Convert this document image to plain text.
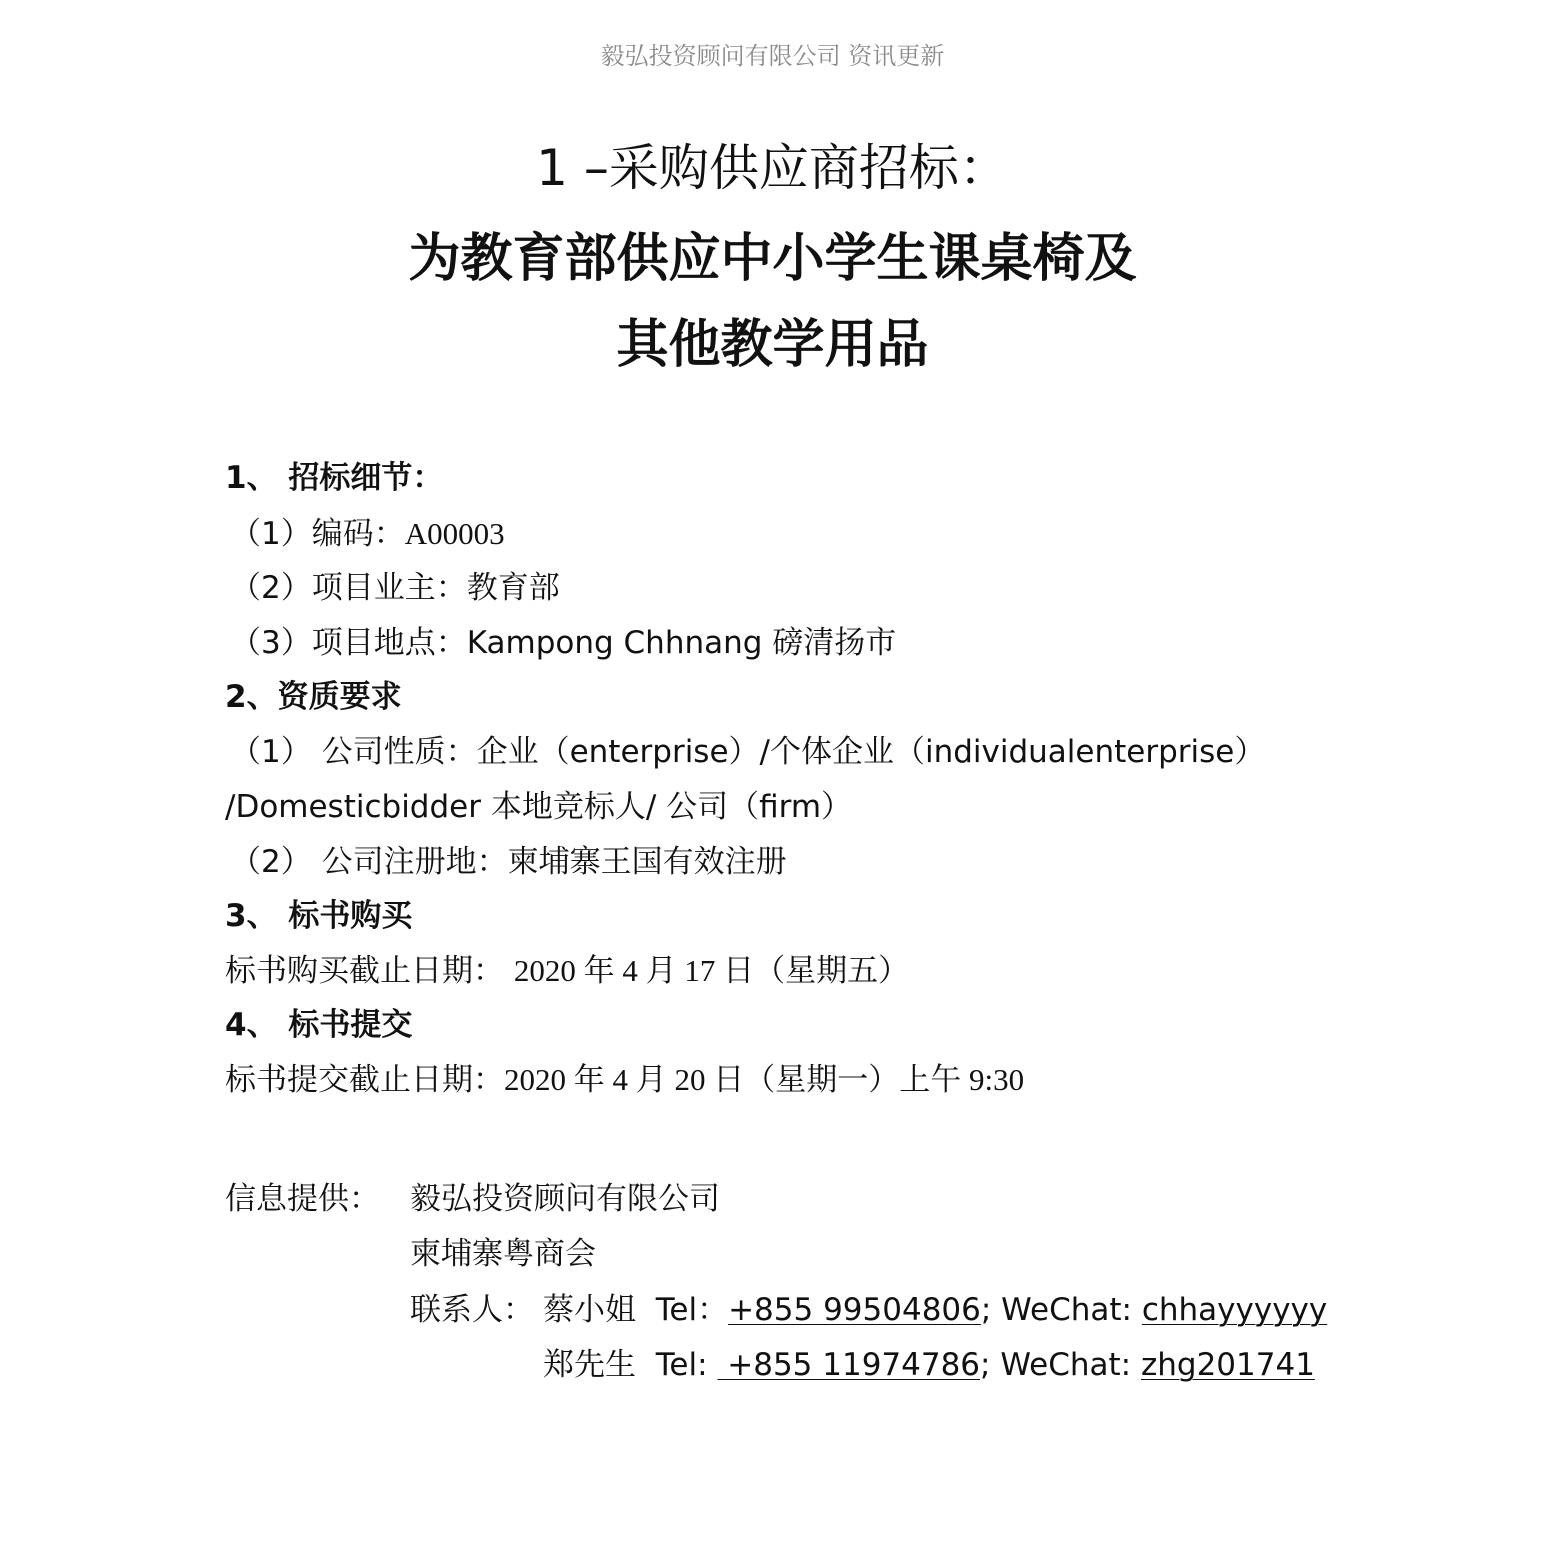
毅弘投资顾问有限公司 资讯更新
1 –采购供应商招标：
为教育部供应中小学生课桌椅及
其他教学用品
1、 招标细节：
（1）编码：A00003
（2）项目业主：教育部
（3）项目地点：Kampong Chhnang 磅清扬市
2、资质要求
（1） 公司性质：企业（enterprise）/个体企业（individualenterprise）
/Domesticbidder 本地竞标人/ 公司（firm）
（2） 公司注册地：柬埔寨王国有效注册
3、 标书购买
标书购买截止日期： 2020 年 4 月 17 日（星期五）
4、 标书提交
标书提交截止日期：2020 年 4 月 20 日（星期一）上午 9:30
信息提供： 毅弘投资顾问有限公司
柬埔寨粤商会
联系人： 蔡小姐 Tel：+855 99504806; WeChat: chhayyyyyy
郑先生 Tel:  +855 11974786; WeChat: zhg201741
